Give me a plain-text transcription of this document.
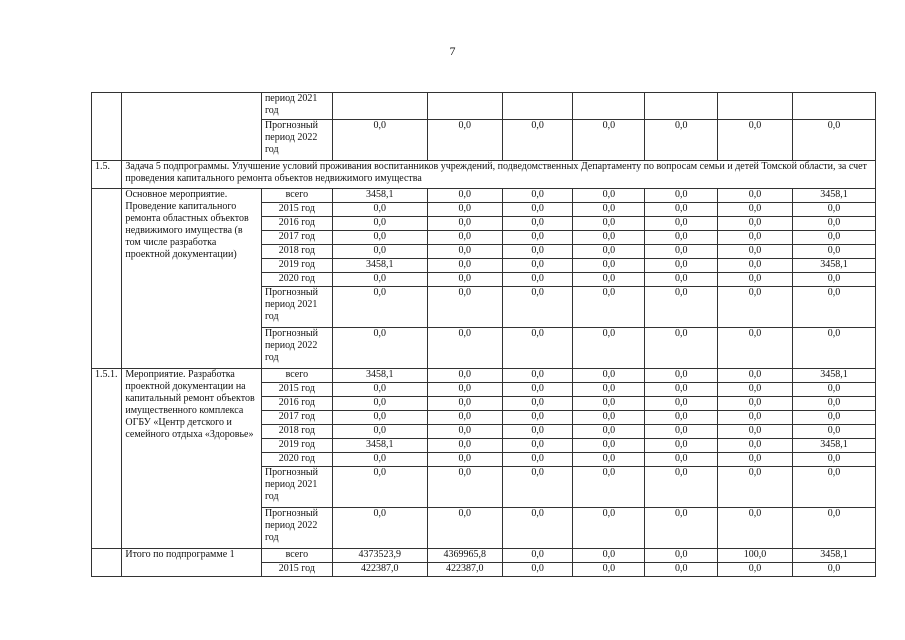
7
		период 2021 год							
		Прогнозный период 2022 год	0,0	0,0	0,0	0,0	0,0	0,0	0,0
1.5.	Задача 5 подпрограммы. Улучшение условий проживания воспитанников учреждений, подведомственных Департаменту по вопросам семьи и детей Томской области, за счет проведения капитального ремонта объектов недвижимого имущества								
	Основное мероприятие. Проведение капитального ремонта областных объектов недвижимого имущества (в том числе разработка проектной документации)	всего	3458,1	0,0	0,0	0,0	0,0	0,0	3458,1
		2015 год	0,0	0,0	0,0	0,0	0,0	0,0	0,0
		2016 год	0,0	0,0	0,0	0,0	0,0	0,0	0,0
		2017 год	0,0	0,0	0,0	0,0	0,0	0,0	0,0
		2018 год	0,0	0,0	0,0	0,0	0,0	0,0	0,0
		2019 год	3458,1	0,0	0,0	0,0	0,0	0,0	3458,1
		2020 год	0,0	0,0	0,0	0,0	0,0	0,0	0,0
		Прогнозный период 2021 год	0,0	0,0	0,0	0,0	0,0	0,0	0,0
		Прогнозный период 2022 год	0,0	0,0	0,0	0,0	0,0	0,0	0,0
1.5.1.	Мероприятие. Разработка проектной документации на капитальный ремонт объектов имущественного комплекса ОГБУ «Центр детского и семейного отдыха «Здоровье»	всего	3458,1	0,0	0,0	0,0	0,0	0,0	3458,1
		2015 год	0,0	0,0	0,0	0,0	0,0	0,0	0,0
		2016 год	0,0	0,0	0,0	0,0	0,0	0,0	0,0
		2017 год	0,0	0,0	0,0	0,0	0,0	0,0	0,0
		2018 год	0,0	0,0	0,0	0,0	0,0	0,0	0,0
		2019 год	3458,1	0,0	0,0	0,0	0,0	0,0	3458,1
		2020 год	0,0	0,0	0,0	0,0	0,0	0,0	0,0
		Прогнозный период 2021 год	0,0	0,0	0,0	0,0	0,0	0,0	0,0
		Прогнозный период 2022 год	0,0	0,0	0,0	0,0	0,0	0,0	0,0
	Итого по подпрограмме 1	всего	4373523,9	4369965,8	0,0	0,0	0,0	100,0	3458,1
		2015 год	422387,0	422387,0	0,0	0,0	0,0	0,0	0,0
